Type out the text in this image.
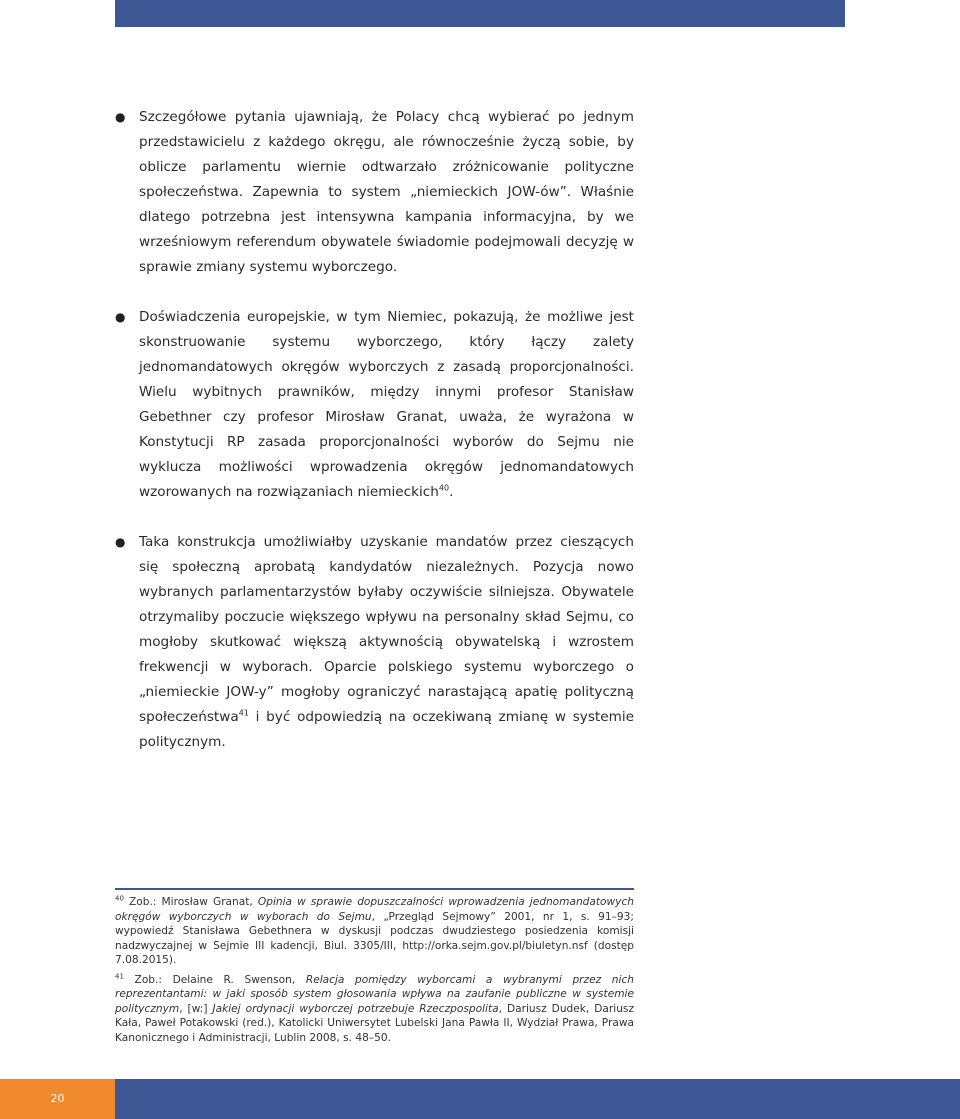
● Szczegółowe pytania ujawniają, że Polacy chcą wybierać po jednym przedstawicielu z każdego okręgu, ale równocześnie życzą sobie, by oblicze parlamentu wiernie odtwarzało zróżnicowanie polityczne społeczeństwa. Zapewnia to system „niemieckich JOW-ów”. Właśnie dlatego potrzebna jest intensywna kampania informacyjna, by we wrześniowym referendum obywatele świadomie podejmowali decyzję w sprawie zmiany systemu wyborczego.
● Doświadczenia europejskie, w tym Niemiec, pokazują, że możliwe jest skonstruowanie systemu wyborczego, który łączy zalety jednomandatowych okręgów wyborczych z zasadą proporcjonalności. Wielu wybitnych prawników, między innymi profesor Stanisław Gebethner czy profesor Mirosław Granat, uważa, że wyrażona w Konstytucji RP zasada proporcjonalności wyborów do Sejmu nie wyklucza możliwości wprowadzenia okręgów jednomandatowych wzorowanych na rozwiązaniach niemieckich$^{40}$.
● Taka konstrukcja umożliwiałby uzyskanie mandatów przez cieszących się społeczną aprobatą kandydatów niezależnych. Pozycja nowo wybranych parlamentarzystów byłaby oczywiście silniejsza. Obywatele otrzymaliby poczucie większego wpływu na personalny skład Sejmu, co mogłoby skutkować większą aktywnością obywatelską i wzrostem frekwencji w wyborach. Oparcie polskiego systemu wyborczego o „niemieckie JOW-y” mogłoby ograniczyć narastającą apatię polityczną społeczeństwa$^{41}$ i być odpowiedzią na oczekiwaną zmianę w systemie politycznym.
$^{40}$ Zob.: Mirosław Granat, Opinia w sprawie dopuszczalności wprowadzenia jednomandatowych okręgów wyborczych w wyborach do Sejmu, „Przegląd Sejmowy” 2001, nr 1, s. 91–93; wypowiedź Stanisława Gebethnera w dyskusji podczas dwudziestego posiedzenia komisji nadzwyczajnej w Sejmie III kadencji, Biul. 3305/III, http://orka.sejm.gov.pl/biuletyn.nsf (dostęp 7.08.2015).
$^{41}$ Zob.: Delaine R. Swenson, Relacja pomiędzy wyborcami a wybranymi przez nich reprezentantami: w jaki sposób system głosowania wpływa na zaufanie publiczne w systemie politycznym, [w:] Jakiej ordynacji wyborczej potrzebuje Rzeczpospolita, Dariusz Dudek, Dariusz Kała, Paweł Potakowski (red.), Katolicki Uniwersytet Lubelski Jana Pawła II, Wydział Prawa, Prawa Kanonicznego i Administracji, Lublin 2008, s. 48–50.
20
